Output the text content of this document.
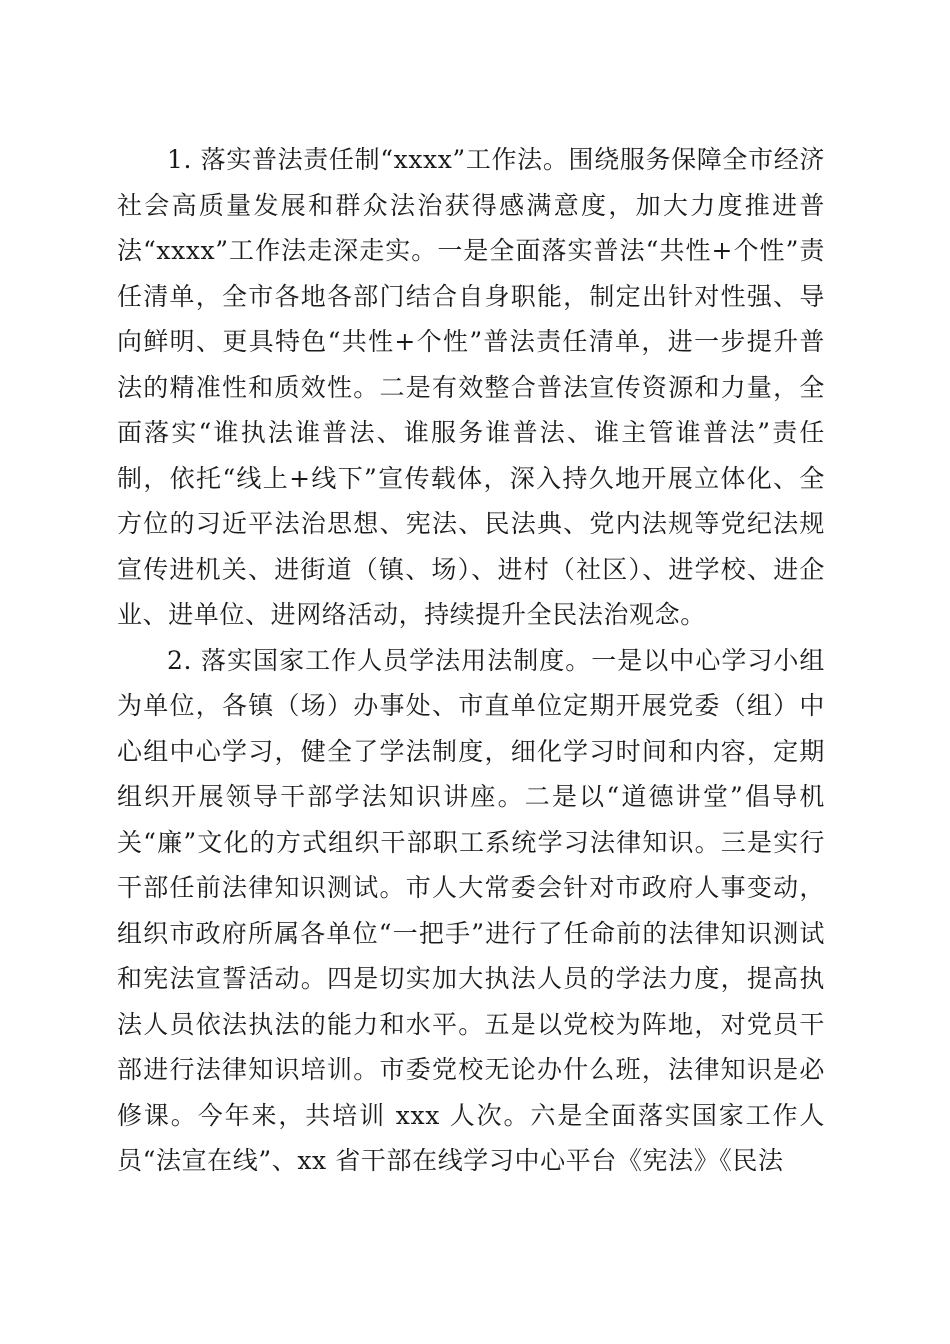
1. 落实普法责任制“xxxx”工作法。围绕服务保障全市经济社会高质量发展和群众法治获得感满意度，加大力度推进普法“xxxx”工作法走深走实。一是全面落实普法“共性+个性”责任清单，全市各地各部门结合自身职能，制定出针对性强、导向鲜明、更具特色“共性+个性”普法责任清单，进一步提升普法的精准性和质效性。二是有效整合普法宣传资源和力量，全面落实“谁执法谁普法、谁服务谁普法、谁主管谁普法”责任制，依托“线上+线下”宣传载体，深入持久地开展立体化、全方位的习近平法治思想、宪法、民法典、党内法规等党纪法规宣传进机关、进街道（镇、场）、进村（社区）、进学校、进企业、进单位、进网络活动，持续提升全民法治观念。

2. 落实国家工作人员学法用法制度。一是以中心学习小组为单位，各镇（场）办事处、市直单位定期开展党委（组）中心组中心学习，健全了学法制度，细化学习时间和内容，定期组织开展领导干部学法知识讲座。二是以“道德讲堂”倡导机关“廉”文化的方式组织干部职工系统学习法律知识。三是实行干部任前法律知识测试。市人大常委会针对市政府人事变动，组织市政府所属各单位“一把手”进行了任命前的法律知识测试和宪法宣誓活动。四是切实加大执法人员的学法力度，提高执法人员依法执法的能力和水平。五是以党校为阵地，对党员干部进行法律知识培训。市委党校无论办什么班，法律知识是必修课。今年来，共培训 xxx 人次。六是全面落实国家工作人员“法宣在线”、xx 省干部在线学习中心平台《宪法》《民法
